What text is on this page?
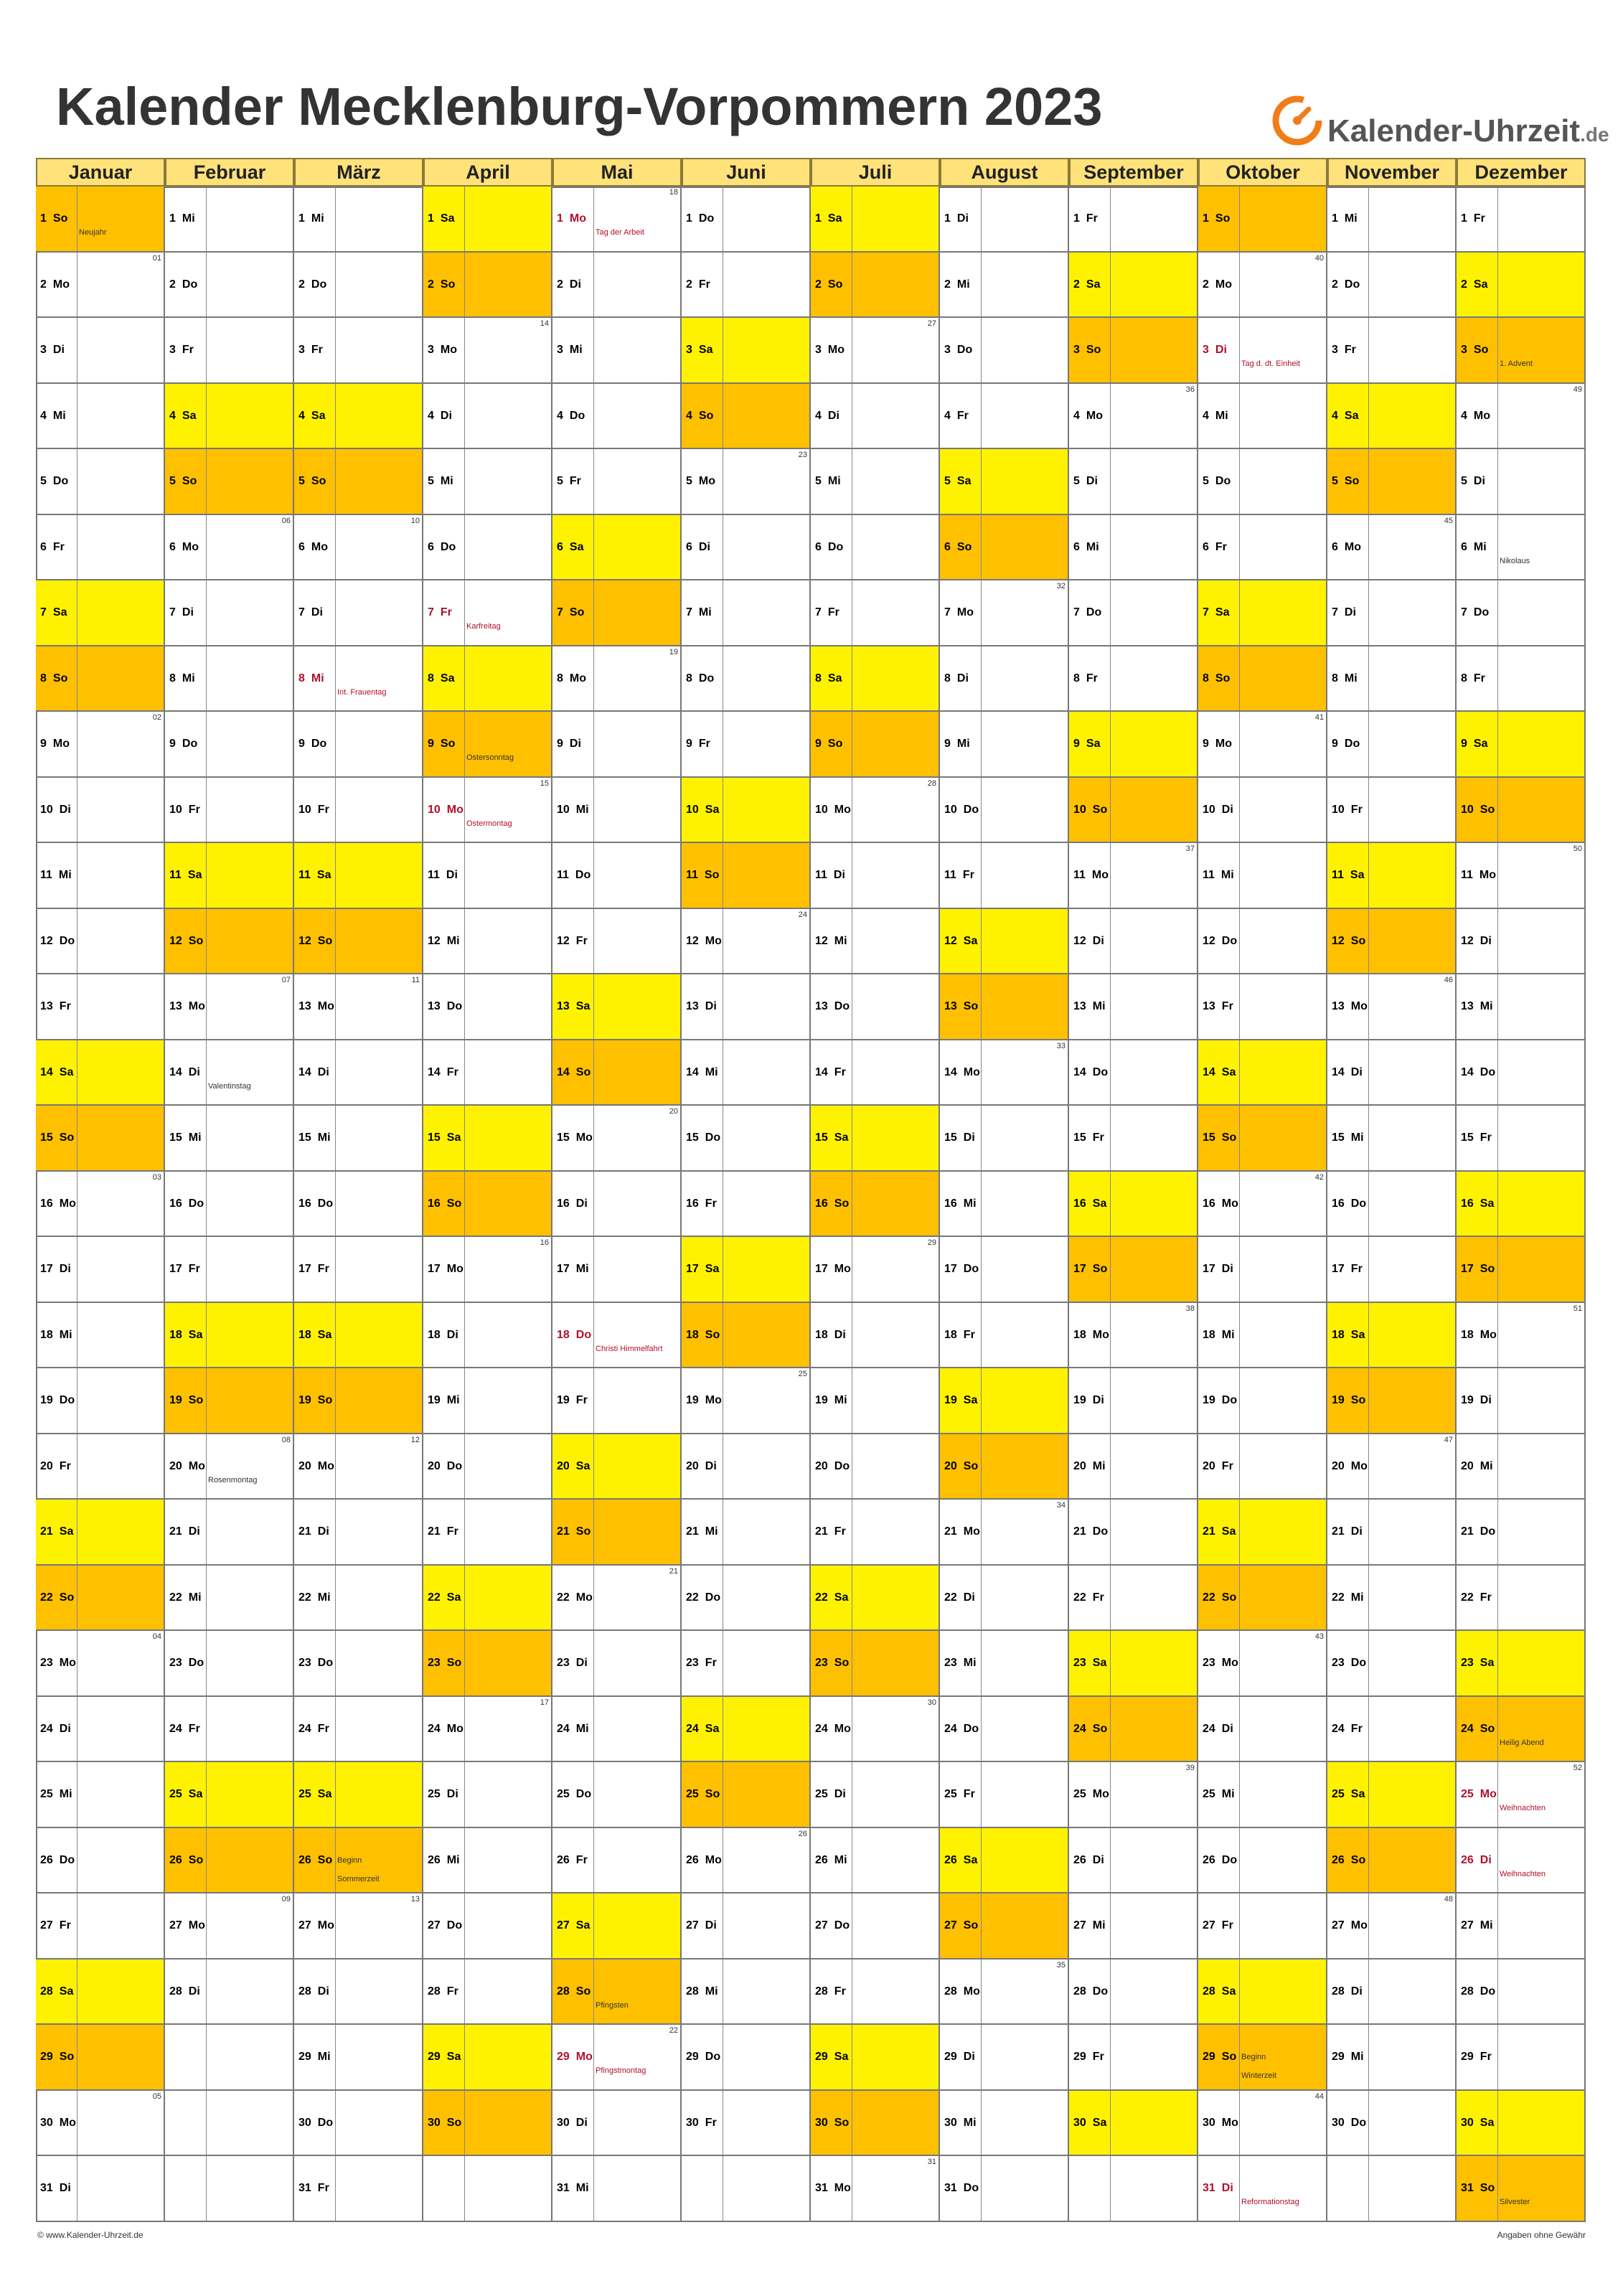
Kalender Mecklenburg-Vorpommern 2023	Kalender-Uhrzeit.de
Januar
1 So
Neujahr
2 Mo
01
3 Di
4 Mi
5 Do
6 Fr
7 Sa
8 So
9 Mo
02
10 Di
11 Mi
12 Do
13 Fr
14 Sa
15 So
16 Mo
03
17 Di
18 Mi
19 Do
20 Fr
21 Sa
22 So
23 Mo
04
24 Di
25 Mi
26 Do
27 Fr
28 Sa
29 So
30 Mo
05
31 Di
Februar
1 Mi
2 Do
3 Fr
4 Sa
5 So
6 Mo
06
7 Di
8 Mi
9 Do
10 Fr
11 Sa
12 So
13 Mo
07
14 Di
Valentinstag
15 Mi
16 Do
17 Fr
18 Sa
19 So
20 Mo
Rosenmontag
08
21 Di
22 Mi
23 Do
24 Fr
25 Sa
26 So
27 Mo
09
28 Di
März
1 Mi
2 Do
3 Fr
4 Sa
5 So
6 Mo
10
7 Di
8 Mi
Int. Frauentag
9 Do
10 Fr
11 Sa
12 So
13 Mo
11
14 Di
15 Mi
16 Do
17 Fr
18 Sa
19 So
20 Mo
12
21 Di
22 Mi
23 Do
24 Fr
25 Sa
26 So Beginn
Sommerzeit
27 Mo
13
28 Di
29 Mi
30 Do
31 Fr
April
1 Sa
2 So
3 Mo
14
4 Di
5 Mi
6 Do
7 Fr
Karfreitag
8 Sa
9 So
Ostersonntag
10 Mo
Ostermontag
15
11 Di
12 Mi
13 Do
14 Fr
15 Sa
16 So
17 Mo
16
18 Di
19 Mi
20 Do
21 Fr
22 Sa
23 So
24 Mo
17
25 Di
26 Mi
27 Do
28 Fr
29 Sa
30 So
Mai
1 Mo
Tag der Arbeit
18
2 Di
3 Mi
4 Do
5 Fr
6 Sa
7 So
8 Mo
19
9 Di
10 Mi
11 Do
12 Fr
13 Sa
14 So
15 Mo
20
16 Di
17 Mi
18 Do
Christi Himmelfahrt
19 Fr
20 Sa
21 So
22 Mo
21
23 Di
24 Mi
25 Do
26 Fr
27 Sa
28 So
Pfingsten
29 Mo
Pfingstmontag
22
30 Di
31 Mi
Juni
1 Do
2 Fr
3 Sa
4 So
5 Mo
23
6 Di
7 Mi
8 Do
9 Fr
10 Sa
11 So
12 Mo
24
13 Di
14 Mi
15 Do
16 Fr
17 Sa
18 So
19 Mo
25
20 Di
21 Mi
22 Do
23 Fr
24 Sa
25 So
26 Mo
26
27 Di
28 Mi
29 Do
30 Fr
Juli
1 Sa
2 So
3 Mo
27
4 Di
5 Mi
6 Do
7 Fr
8 Sa
9 So
10 Mo
28
11 Di
12 Mi
13 Do
14 Fr
15 Sa
16 So
17 Mo
29
18 Di
19 Mi
20 Do
21 Fr
22 Sa
23 So
24 Mo
30
25 Di
26 Mi
27 Do
28 Fr
29 Sa
30 So
31 Mo
31
August
1 Di
2 Mi
3 Do
4 Fr
5 Sa
6 So
7 Mo
32
8 Di
9 Mi
10 Do
11 Fr
12 Sa
13 So
14 Mo
33
15 Di
16 Mi
17 Do
18 Fr
19 Sa
20 So
21 Mo
34
22 Di
23 Mi
24 Do
25 Fr
26 Sa
27 So
28 Mo
35
29 Di
30 Mi
31 Do
September
1 Fr
2 Sa
3 So
4 Mo
36
5 Di
6 Mi
7 Do
8 Fr
9 Sa
10 So
11 Mo
37
12 Di
13 Mi
14 Do
15 Fr
16 Sa
17 So
18 Mo
38
19 Di
20 Mi
21 Do
22 Fr
23 Sa
24 So
25 Mo
39
26 Di
27 Mi
28 Do
29 Fr
30 Sa
Oktober
1 So
2 Mo
40
3 Di
Tag d. dt. Einheit
4 Mi
5 Do
6 Fr
7 Sa
8 So
9 Mo
41
10 Di
11 Mi
12 Do
13 Fr
14 Sa
15 So
16 Mo
42
17 Di
18 Mi
19 Do
20 Fr
21 Sa
22 So
23 Mo
43
24 Di
25 Mi
26 Do
27 Fr
28 Sa
29 So Beginn
Winterzeit
30 Mo
44
31 Di
Reformationstag
November
1 Mi
2 Do
3 Fr
4 Sa
5 So
6 Mo
45
7 Di
8 Mi
9 Do
10 Fr
11 Sa
12 So
13 Mo
46
14 Di
15 Mi
16 Do
17 Fr
18 Sa
19 So
20 Mo
47
21 Di
22 Mi
23 Do
24 Fr
25 Sa
26 So
27 Mo
48
28 Di
29 Mi
30 Do
Dezember
1 Fr
2 Sa
3 So
1. Advent
4 Mo
49
5 Di
6 Mi
Nikolaus
7 Do
8 Fr
9 Sa
10 So
11 Mo
50
12 Di
13 Mi
14 Do
15 Fr
16 Sa
17 So
18 Mo
51
19 Di
20 Mi
21 Do
22 Fr
23 Sa
24 So
Heilig Abend
25 Mo
Weihnachten
52
26 Di
Weihnachten
27 Mi
28 Do
29 Fr
30 Sa
31 So
Silvester
© www.Kalender-Uhrzeit.de	Angaben ohne Gewähr
